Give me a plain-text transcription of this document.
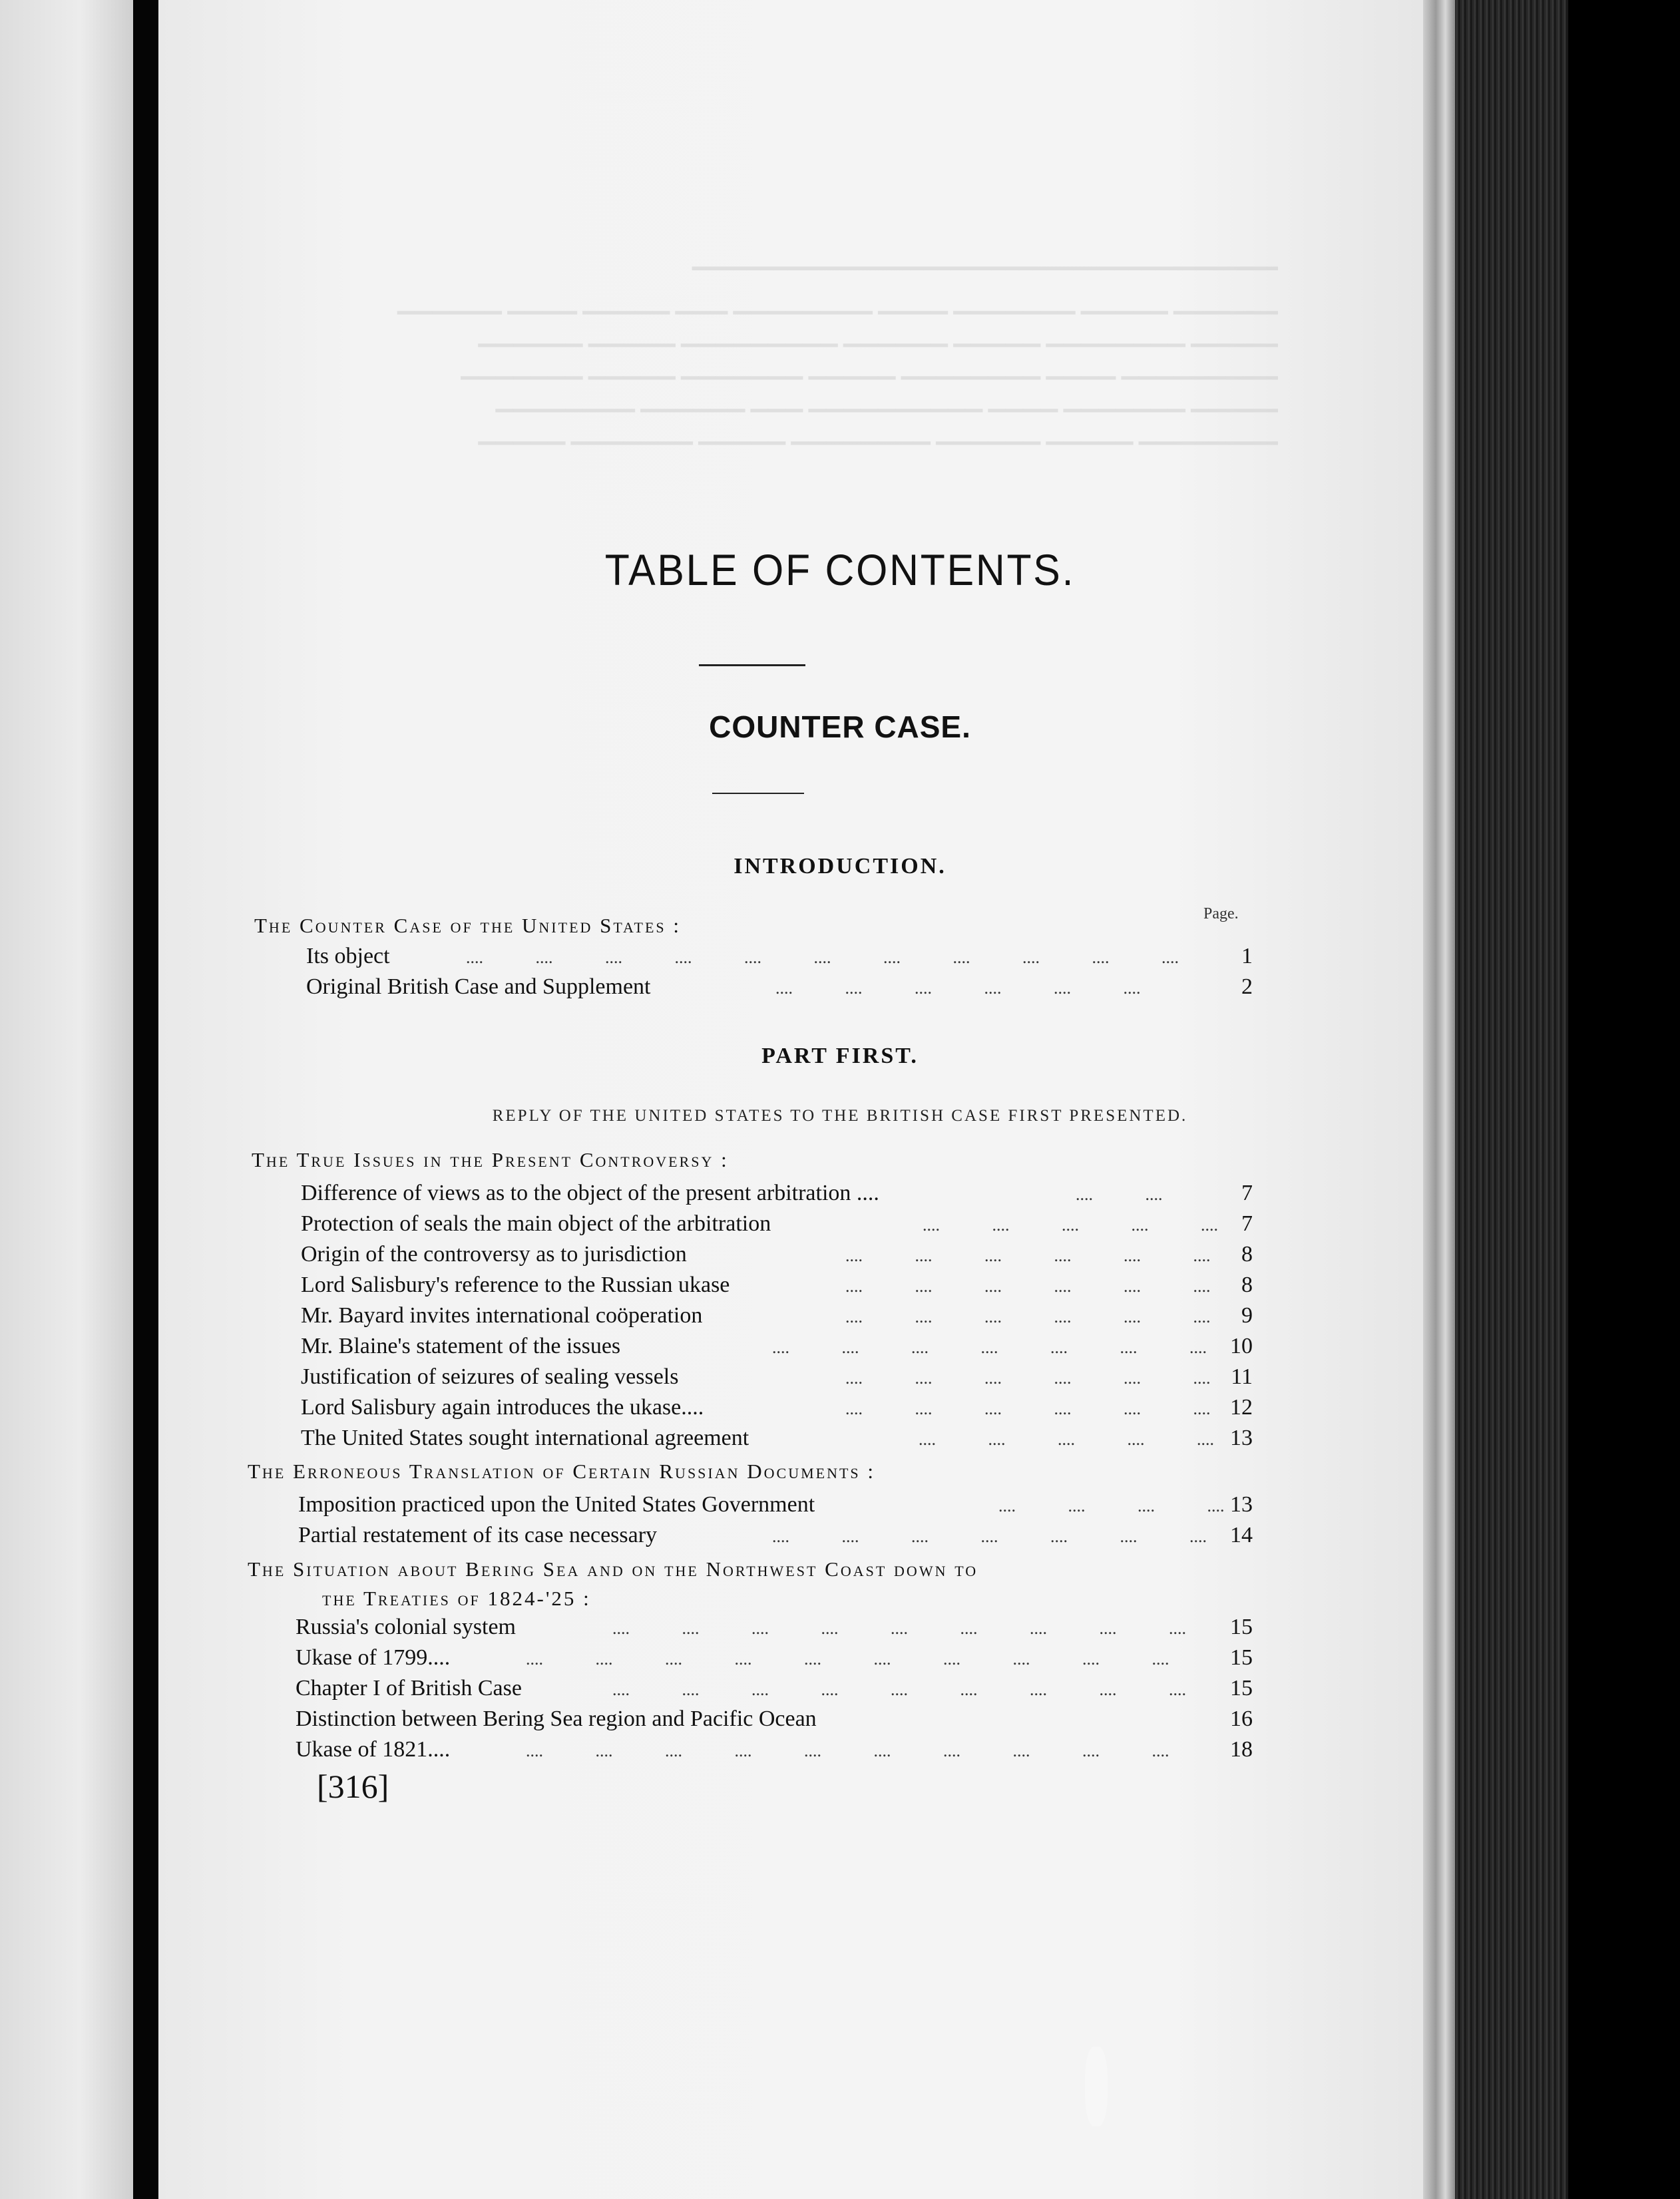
━━━━━━━━━━━━━━━━━━━━━━━━━━━━━━━━━━━━━━━━━━━
▁▁▁▁▁▁ ▁▁▁▁▁ ▁▁▁▁▁▁▁ ▁▁▁▁ ▁▁▁▁▁▁▁▁ ▁▁▁ ▁▁▁▁▁ ▁▁▁▁ ▁▁▁▁▁▁
▁▁▁▁▁ ▁▁▁▁▁▁▁▁ ▁▁▁▁▁ ▁▁▁▁▁▁ ▁▁▁▁▁▁▁▁▁ ▁▁▁▁▁ ▁▁▁▁▁▁
▁▁▁▁▁▁▁▁▁ ▁▁▁▁ ▁▁▁▁▁▁▁▁ ▁▁▁▁▁ ▁▁▁▁▁▁▁ ▁▁▁▁▁ ▁▁▁▁▁▁▁
▁▁▁▁▁ ▁▁▁▁▁▁▁ ▁▁▁▁ ▁▁▁▁▁▁▁▁▁▁ ▁▁▁ ▁▁▁▁▁▁ ▁▁▁▁▁▁▁▁
▁▁▁▁▁▁▁▁ ▁▁▁▁▁ ▁▁▁▁▁▁ ▁▁▁▁▁▁▁▁ ▁▁▁▁▁ ▁▁▁▁▁▁▁ ▁▁▁▁▁
TABLE OF CONTENTS.
COUNTER CASE.
INTRODUCTION.
Page.
The Counter Case of the United States :
Its object	.... .... .... .... .... .... .... .... .... .... ....	1
Original British Case and Supplement	.... .... .... .... .... ....	2
PART FIRST.
REPLY OF THE UNITED STATES TO THE BRITISH CASE FIRST PRESENTED.
The True Issues in the Present Controversy :
Difference of views as to the object of the present arbitration ....	.... ....	7
Protection of seals the main object of the arbitration	.... .... .... .... ....	7
Origin of the controversy as to jurisdiction	.... .... .... .... .... ....	8
Lord Salisbury's reference to the Russian ukase	.... .... .... .... .... ....	8
Mr. Bayard invites international coöperation	.... .... .... .... .... ....	9
Mr. Blaine's statement of the issues	.... .... .... .... .... .... ....	10
Justification of seizures of sealing vessels	.... .... .... .... .... .... 11
Lord Salisbury again introduces the ukase....	.... .... .... .... .... .... 12
The United States sought international agreement	.... .... .... .... .... 13
The Erroneous Translation of Certain Russian Documents :
Imposition practiced upon the United States Government	.... .... .... .... 13
Partial restatement of its case necessary	.... .... .... .... .... .... ....	14
The Situation about Bering Sea and on the Northwest Coast down to
the Treaties of 1824-'25 :
Russia's colonial system	.... .... .... .... .... .... .... .... ....	15
Ukase of 1799....	.... .... .... .... .... .... .... .... .... ....	15
Chapter I of British Case	.... .... .... .... .... .... .... .... ....	15
Distinction between Bering Sea region and Pacific Ocean	16
Ukase of 1821....	.... .... .... .... .... .... .... .... .... ....	18
[316]
